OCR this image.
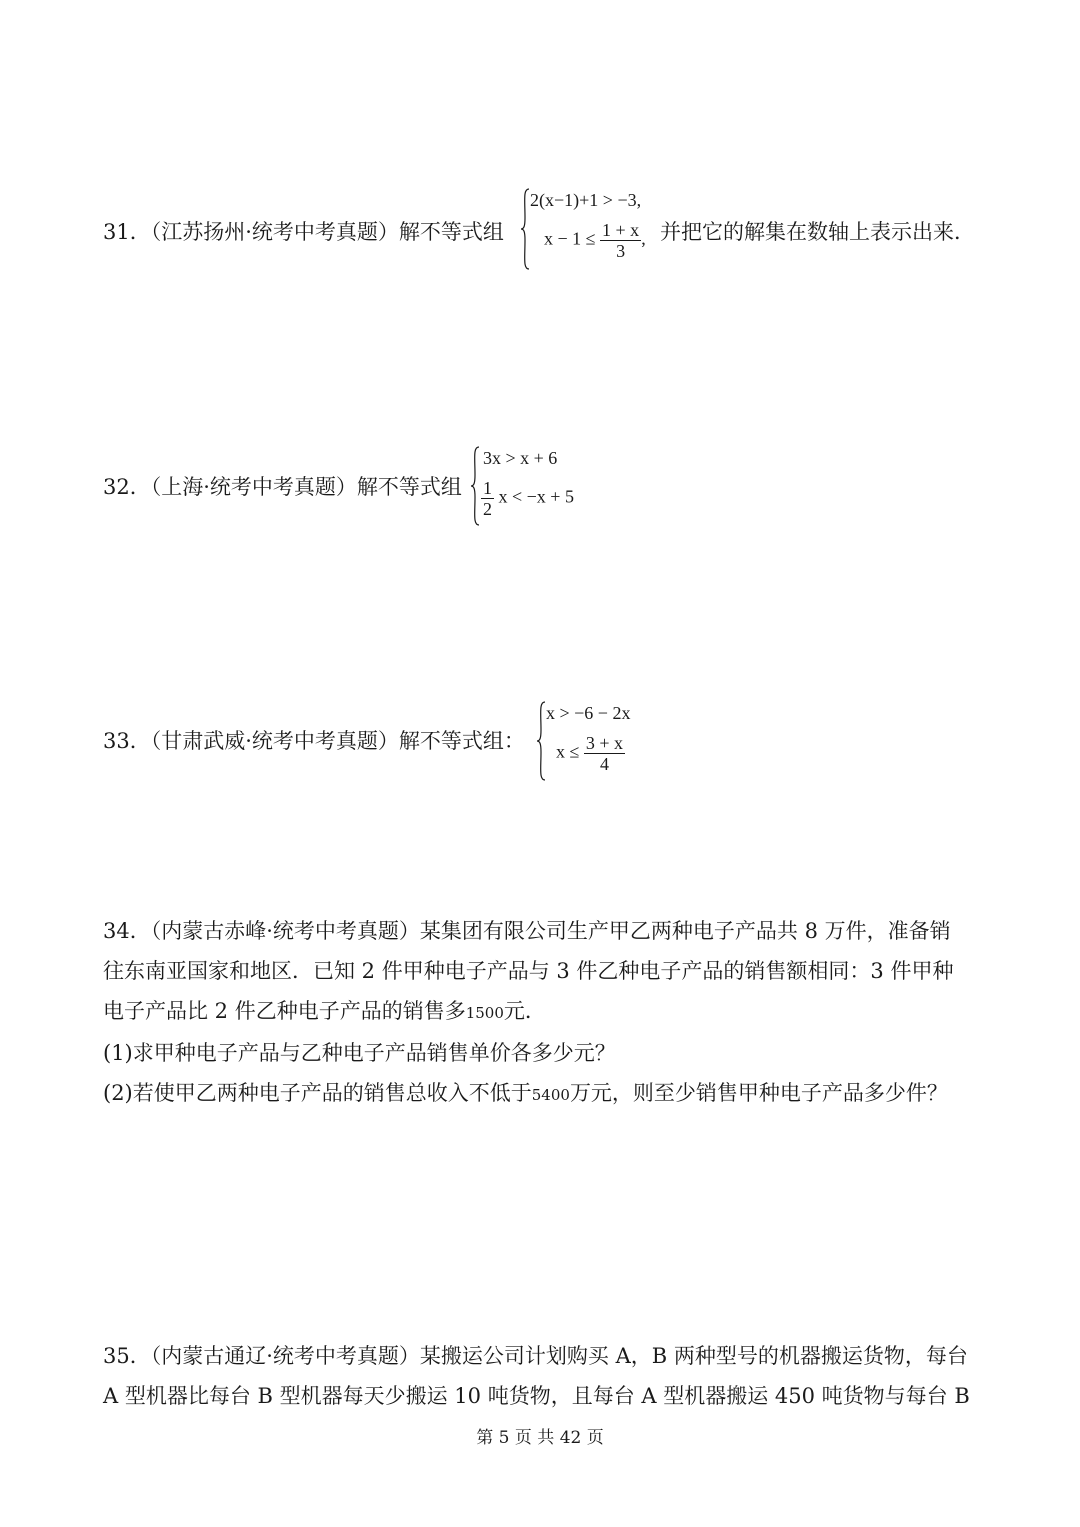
31．（江苏扬州·统考中考真题）解不等式组
2(x−1)+1 > −3,
$x - 1 \le \frac{1 + x}{3}$ , 并把它的解集在数轴上表示出来．
32．（上海·统考中考真题）解不等式组
3x > x + 6
$\frac{1}{2}$ x < −x + 5
33．（甘肃武威·统考中考真题）解不等式组：
x > −6 − 2x
$x \le \frac{3 + x}{4}$

34．（内蒙古赤峰·统考中考真题）某集团有限公司生产甲乙两种电子产品共 8 万件，准备销

往东南亚国家和地区．已知 2 件甲种电子产品与 3 件乙种电子产品的销售额相同：3 件甲种

电子产品比 2 件乙种电子产品的销售多1500元．

(1)求甲种电子产品与乙种电子产品销售单价各多少元？

(2)若使甲乙两种电子产品的销售总收入不低于5400万元，则至少销售甲种电子产品多少件？

35．（内蒙古通辽·统考中考真题）某搬运公司计划购买 A，B 两种型号的机器搬运货物，每台

A 型机器比每台 B 型机器每天少搬运 10 吨货物，且每台 A 型机器搬运 450 吨货物与每台 B

第 5 页 共 42 页
